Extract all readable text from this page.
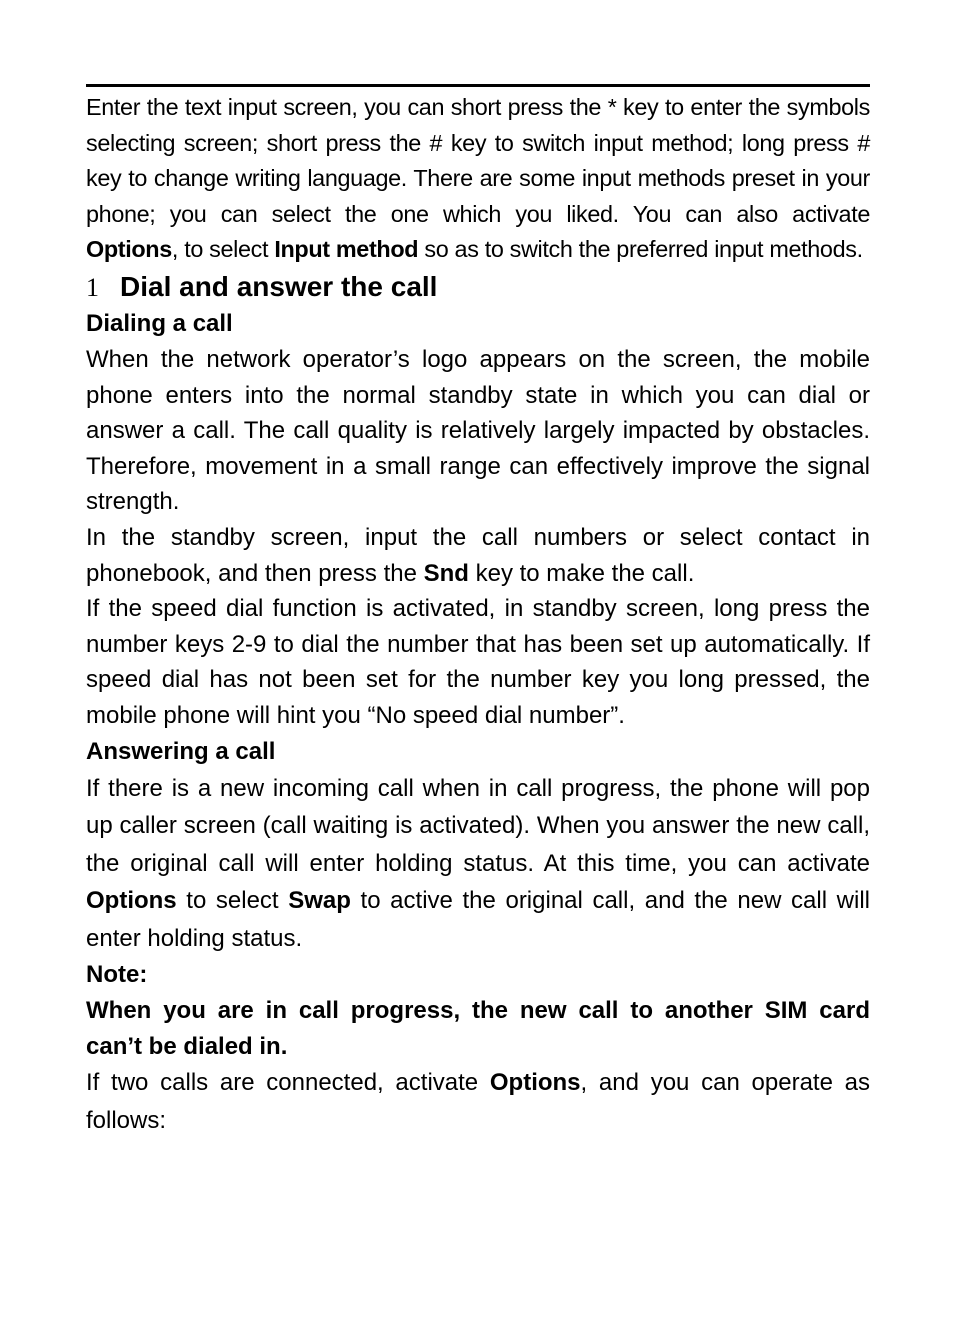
Enter the text input screen, you can short press the * key to enter the symbols selecting screen; short press the # key to switch input method; long press # key to change writing language. There are some input methods preset in your phone; you can select the one which you liked. You can also activate Options, to select Input method so as to switch the preferred input methods.

1 Dial and answer the call
Dialing a call

When the network operator’s logo appears on the screen, the mobile phone enters into the normal standby state in which you can dial or answer a call. The call quality is relatively largely impacted by obstacles. Therefore, movement in a small range can effectively improve the signal strength.

In the standby screen, input the call numbers or select contact in phonebook, and then press the Snd key to make the call.

If the speed dial function is activated, in standby screen, long press the number keys 2-9 to dial the number that has been set up automatically. If speed dial has not been set for the number key you long pressed, the mobile phone will hint you “No speed dial number”.

Answering a call

If there is a new incoming call when in call progress, the phone will pop up caller screen (call waiting is activated). When you answer the new call, the original call will enter holding status. At this time, you can activate Options to select Swap to active the original call, and the new call will enter holding status.

Note:

When you are in call progress, the new call to another SIM card can’t be dialed in.

If two calls are connected, activate Options, and you can operate as follows:
